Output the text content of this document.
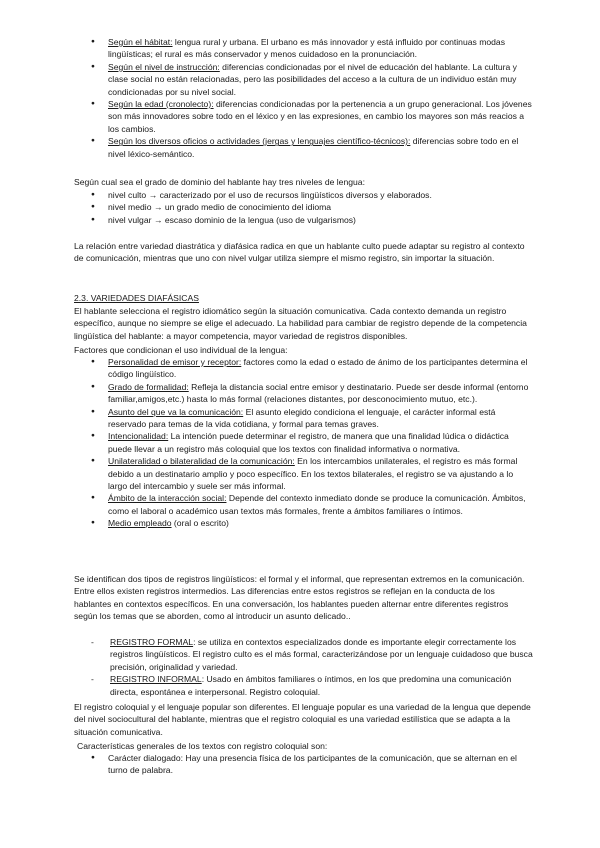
● Según el hábitat: lengua rural y urbana. El urbano es más innovador y está influido por continuas modas lingüísticas; el rural es más conservador y menos cuidadoso en la pronunciación.
● Según el nivel de instrucción: diferencias condicionadas por el nivel de educación del hablante. La cultura y clase social no están relacionadas, pero las posibilidades del acceso a la cultura de un individuo están muy condicionadas por su nivel social.
● Según la edad (cronolecto): diferencias condicionadas por la pertenencia a un grupo generacional. Los jóvenes son más innovadores sobre todo en el léxico y en las expresiones, en cambio los mayores son más reacios a los cambios.
● Según los diversos oficios o actividades (jergas y lenguajes científico-técnicos): diferencias sobre todo en el nivel léxico-semántico.

Según cual sea el grado de dominio del hablante hay tres niveles de lengua:

● nivel culto → caracterizado por el uso de recursos lingüísticos diversos y elaborados.
● nivel medio → un grado medio de conocimiento del idioma
● nivel vulgar → escaso dominio de la lengua (uso de vulgarismos)

La relación entre variedad diastrática y diafásica radica en que un hablante culto puede adaptar su registro al contexto de comunicación, mientras que uno con nivel vulgar utiliza siempre el mismo registro, sin importar la situación.

2.3. VARIEDADES DIAFÁSICAS

El hablante selecciona el registro idiomático según la situación comunicativa. Cada contexto demanda un registro específico, aunque no siempre se elige el adecuado. La habilidad para cambiar de registro depende de la competencia lingüística del hablante: a mayor competencia, mayor variedad de registros disponibles.

Factores que condicionan el uso individual de la lengua:

● Personalidad de emisor y receptor: factores como la edad o estado de ánimo de los participantes determina el código lingüístico.
● Grado de formalidad: Refleja la distancia social entre emisor y destinatario. Puede ser desde informal (entorno familiar,amigos,etc.) hasta lo más formal (relaciones distantes, por desconocimiento mutuo, etc.).
● Asunto del que va la comunicación: El asunto elegido condiciona el lenguaje, el carácter informal está reservado para temas de la vida cotidiana, y formal para temas graves.
● Intencionalidad: La intención puede determinar el registro, de manera que una finalidad lúdica o didáctica puede llevar a un registro más coloquial que los textos con finalidad informativa o normativa.
● Unilateralidad o bilateralidad de la comunicación: En los intercambios unilaterales, el registro es más formal debido a un destinatario amplio y poco específico. En los textos bilaterales, el registro se va ajustando a lo largo del intercambio y suele ser más informal.
● Ámbito de la interacción social: Depende del contexto inmediato donde se produce la comunicación. Ámbitos, como el laboral o académico usan textos más formales, frente a ámbitos familiares o íntimos.
● Medio empleado (oral o escrito)

Se identifican dos tipos de registros lingüísticos: el formal y el informal, que representan extremos en la comunicación. Entre ellos existen registros intermedios. Las diferencias entre estos registros se reflejan en la conducta de los hablantes en contextos específicos. En una conversación, los hablantes pueden alternar entre diferentes registros según los temas que se aborden, como al introducir un asunto delicado..

- REGISTRO FORMAL: se utiliza en contextos especializados donde es importante elegir correctamente los registros lingüísticos. El registro culto es el más formal, caracterizándose por un lenguaje cuidadoso que busca precisión, originalidad y variedad.
- REGISTRO INFORMAL: Usado en ámbitos familiares o íntimos, en los que predomina una comunicación directa, espontánea e interpersonal. Registro coloquial.

El registro coloquial y el lenguaje popular son diferentes. El lenguaje popular es una variedad de la lengua que depende del nivel sociocultural del hablante, mientras que el registro coloquial es una variedad estilística que se adapta a la situación comunicativa.

Características generales de los textos con registro coloquial son:

● Carácter dialogado: Hay una presencia física de los participantes de la comunicación, que se alternan en el turno de palabra.
